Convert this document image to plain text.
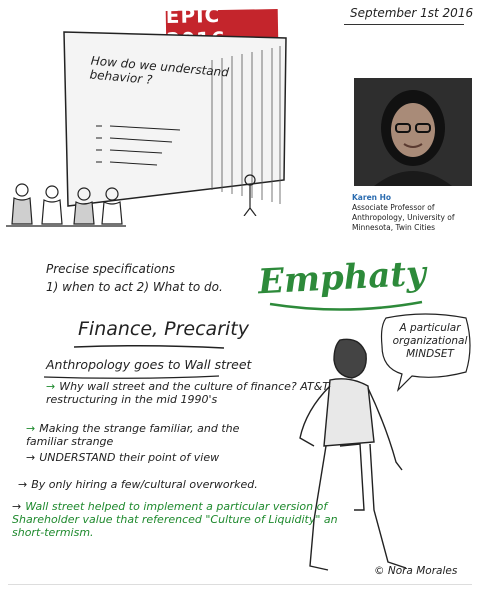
EPIC	September 1st 2016
How do we understand behavior ?
Karen Ho
Associate Professor of Anthropology, University of Minnesota, Twin Cities
Precise specifications
1) when to act 2) What to do. Emphaty
Finance, Precarity
Anthropology goes to Wall street
→ Why wall street and the culture of finance? AT&T restructuring in the mid 1990's
→ Making the strange familiar, and the familiar strange
→ UNDERSTAND their point of view
→ By only hiring a few/cultural overworked.
→ Wall street helped to implement a particular version of Shareholder value that referenced "Culture of Liquidity" an short-termism.
A particular organizational MINDSET
© Nora Morales
